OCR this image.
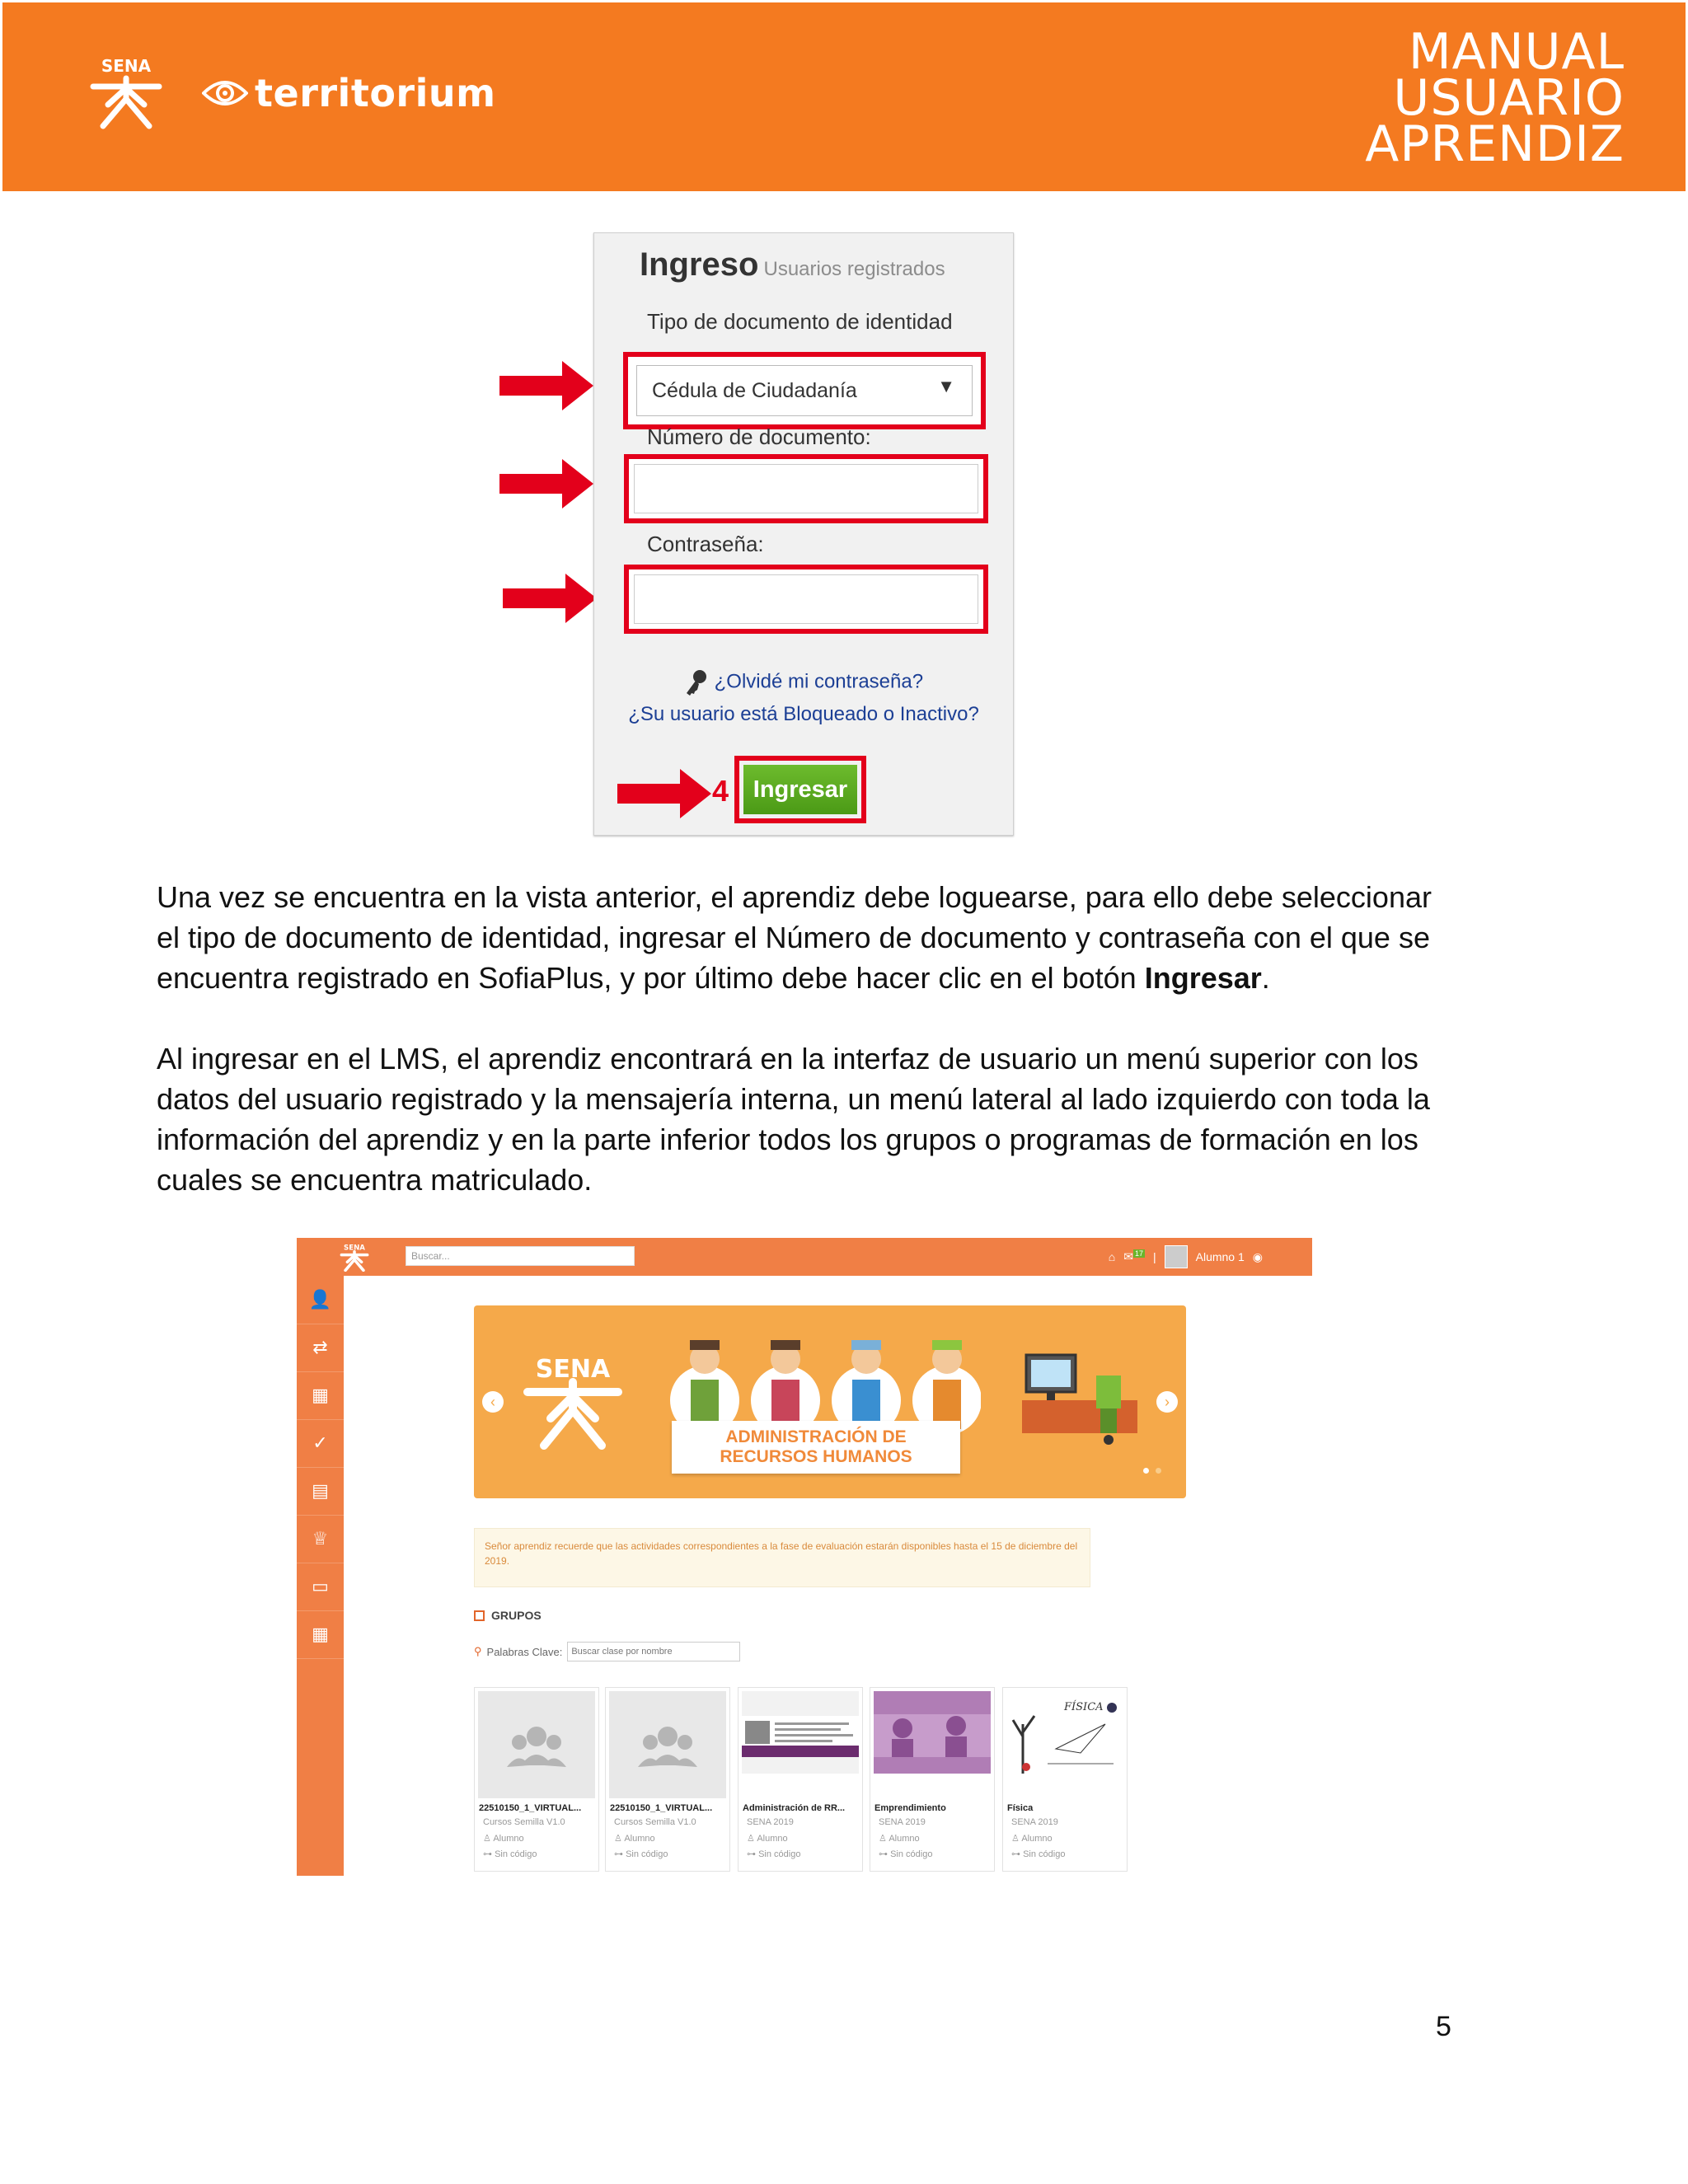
SENA
territorium
MANUAL
USUARIO
APRENDIZ
Ingreso Usuarios registrados
Tipo de documento de identidad
Cédula de Ciudadanía	▼
Número de documento:
Contraseña:
¿Olvidé mi contraseña?
¿Su usuario está Bloqueado o Inactivo?
4	Ingresar
Una vez se encuentra en la vista anterior, el aprendiz debe loguearse, para ello debe seleccionar el tipo de documento de identidad, ingresar el Número de documento y contraseña con el que se encuentra registrado en SofiaPlus, y por último debe hacer clic en el botón Ingresar.
Al ingresar en el LMS, el aprendiz encontrará en la interfaz de usuario un menú superior con los datos del usuario registrado y la mensajería interna, un menú lateral al lado izquierdo con toda la información del aprendiz y en la parte inferior todos los grupos o programas de formación en los cuales se encuentra matriculado.
SENA
Buscar...	⌂ ✉ $^{17}$ |	Alumno 1 ◉
👤
⇄
▦
✓
▤
♕
▭
▦
‹	›
SENA
ADMINISTRACIÓN DE
RECURSOS HUMANOS

Señor aprendiz recuerde que las actividades correspondientes a la fase de evaluación estarán disponibles hasta el 15 de diciembre del 2019.
GRUPOS
⚲ Palabras Clave:	Buscar clase por nombre
22510150_1_VIRTUAL...
Cursos Semilla V1.0
♙ Alumno
⊶ Sin código
22510150_1_VIRTUAL...
Cursos Semilla V1.0
♙ Alumno
⊶ Sin código
Administración de RR...
SENA 2019
♙ Alumno
⊶ Sin código
Emprendimiento
SENA 2019
♙ Alumno
⊶ Sin código
FÍSICA
Física
SENA 2019
♙ Alumno
⊶ Sin código
5
